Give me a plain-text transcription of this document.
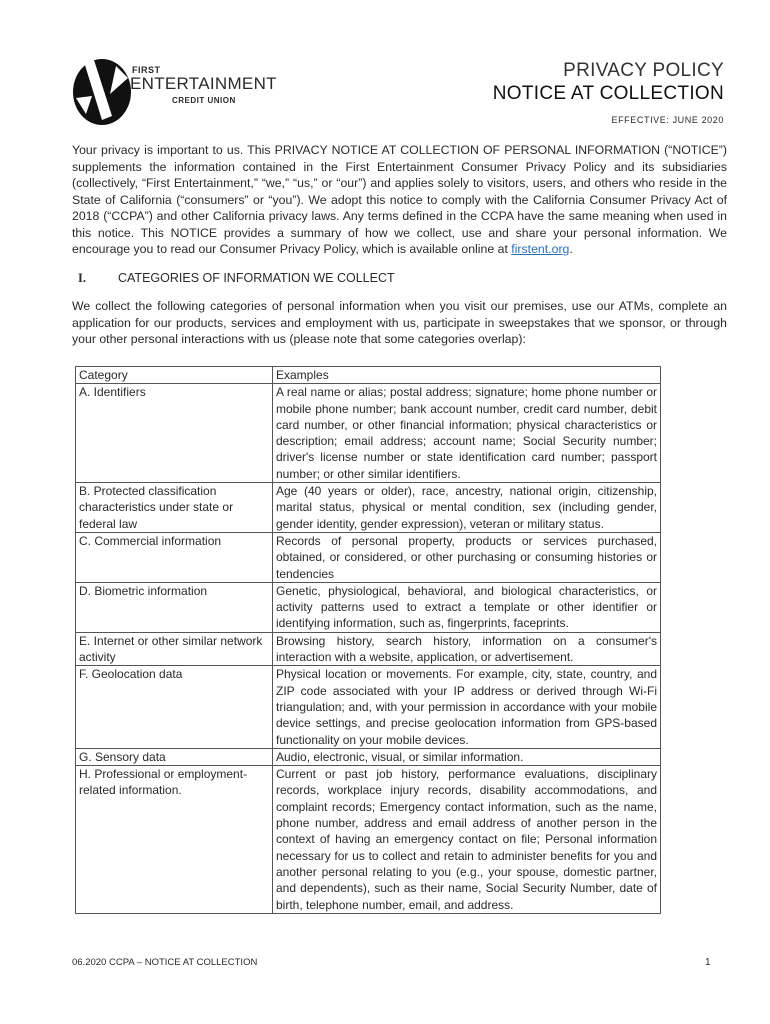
FIRST
ENTERTAINMENT
CREDIT UNION
PRIVACY POLICY
NOTICE AT COLLECTION
EFFECTIVE: JUNE 2020

Your privacy is important to us. This PRIVACY NOTICE AT COLLECTION OF PERSONAL INFORMATION (“NOTICE”) supplements the information contained in the First Entertainment Consumer Privacy Policy and its subsidiaries (collectively, “First Entertainment,” “we,” “us,” or “our”) and applies solely to visitors, users, and others who reside in the State of California (“consumers” or “you”). We adopt this notice to comply with the California Consumer Privacy Act of 2018 (“CCPA”) and other California privacy laws. Any terms defined in the CCPA have the same meaning when used in this notice. This NOTICE provides a summary of how we collect, use and share your personal information. We encourage you to read our Consumer Privacy Policy, which is available online at firstent.org.

I.	CATEGORIES OF INFORMATION WE COLLECT

We collect the following categories of personal information when you visit our premises, use our ATMs, complete an application for our products, services and employment with us, participate in sweepstakes that we sponsor, or through your other personal interactions with us (please note that some categories overlap):

Category	Examples
A. Identifiers	A real name or alias; postal address; signature; home phone number or mobile phone number; bank account number, credit card number, debit card number, or other financial information; physical characteristics or description; email address; account name; Social Security number; driver's license number or state identification card number; passport number; or other similar identifiers.
B. Protected classification characteristics under state or federal law	Age (40 years or older), race, ancestry, national origin, citizenship, marital status, physical or mental condition, sex (including gender, gender identity, gender expression), veteran or military status.
C. Commercial information	Records of personal property, products or services purchased, obtained, or considered, or other purchasing or consuming histories or tendencies
D. Biometric information	Genetic, physiological, behavioral, and biological characteristics, or activity patterns used to extract a template or other identifier or identifying information, such as, fingerprints, faceprints.
E. Internet or other similar network activity	Browsing history, search history, information on a consumer's interaction with a website, application, or advertisement.
F. Geolocation data	Physical location or movements. For example, city, state, country, and ZIP code associated with your IP address or derived through Wi-Fi triangulation; and, with your permission in accordance with your mobile device settings, and precise geolocation information from GPS-based functionality on your mobile devices.
G. Sensory data	Audio, electronic, visual, or similar information.
H. Professional or employment-related information.	Current or past job history, performance evaluations, disciplinary records, workplace injury records, disability accommodations, and complaint records; Emergency contact information, such as the name, phone number, address and email address of another person in the context of having an emergency contact on file; Personal information necessary for us to collect and retain to administer benefits for you and another personal relating to you (e.g., your spouse, domestic partner, and dependents), such as their name, Social Security Number, date of birth, telephone number, email, and address.
06.2020 CCPA – NOTICE AT COLLECTION	1
